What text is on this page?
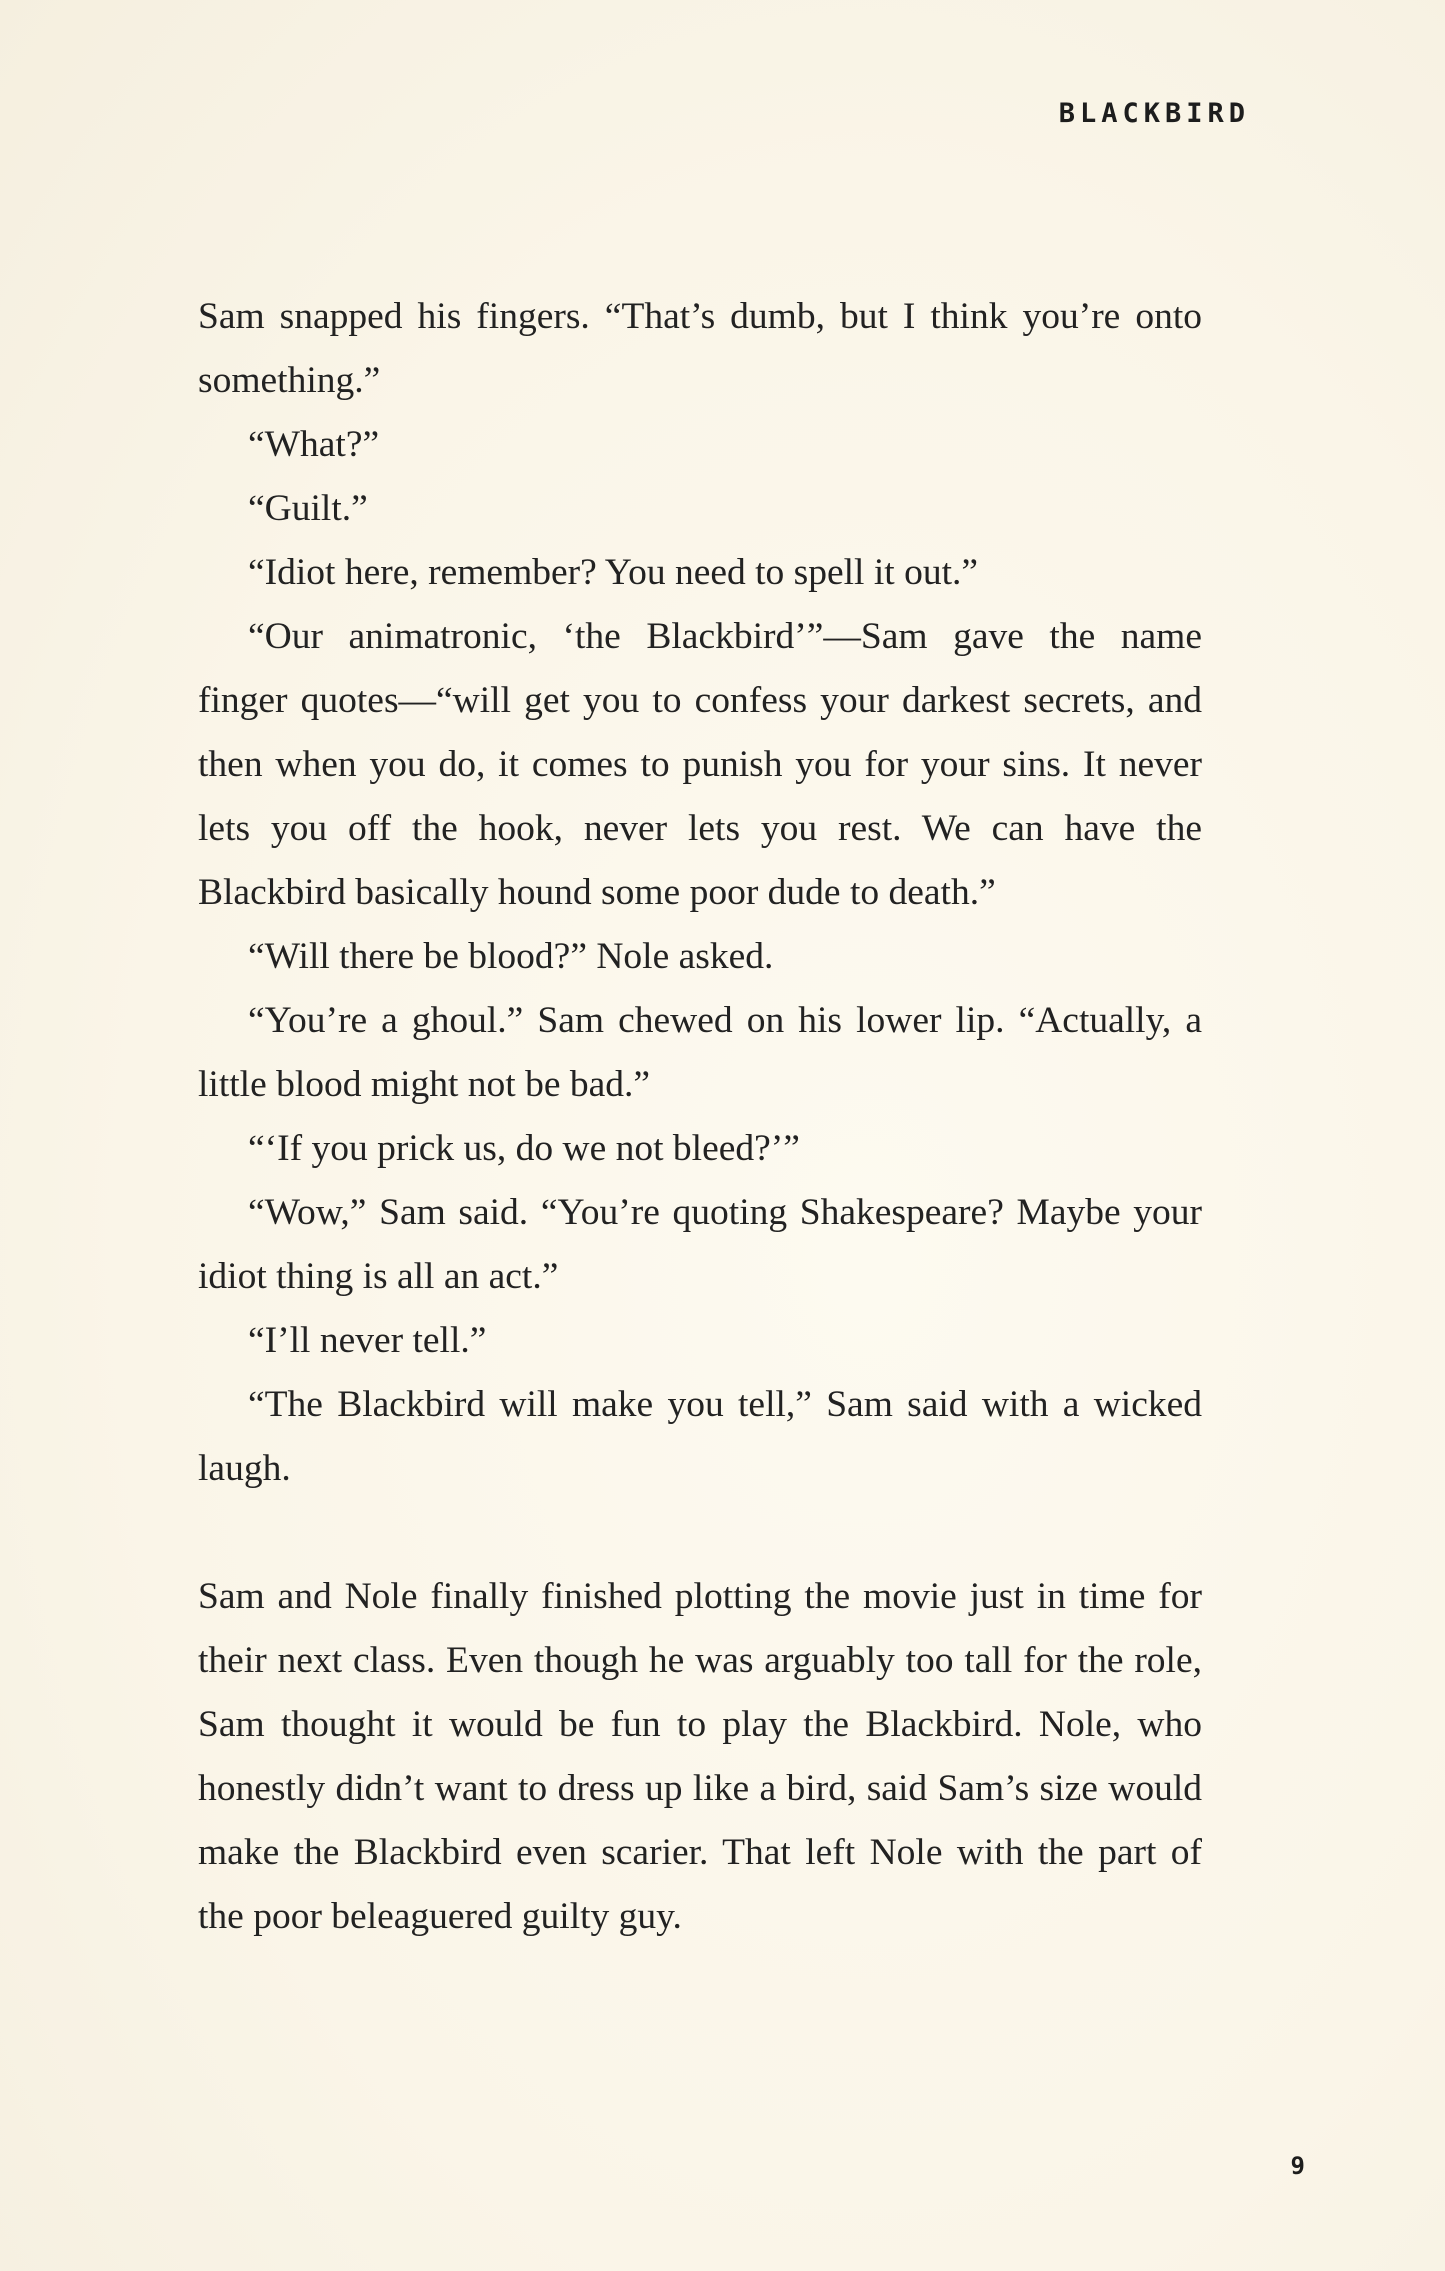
BLACKBIRD

Sam snapped his fingers. “That’s dumb, but I think you’re onto something.”

“What?”

“Guilt.”

“Idiot here, remember? You need to spell it out.”

“Our animatronic, ‘the Blackbird’”—Sam gave the name finger quotes—“will get you to confess your darkest secrets, and then when you do, it comes to punish you for your sins. It never lets you off the hook, never lets you rest. We can have the Blackbird basically hound some poor dude to death.”

“Will there be blood?” Nole asked.

“You’re a ghoul.” Sam chewed on his lower lip. “Actually, a little blood might not be bad.”

“‘If you prick us, do we not bleed?’”

“Wow,” Sam said. “You’re quoting Shakespeare? Maybe your idiot thing is all an act.”

“I’ll never tell.”

“The Blackbird will make you tell,” Sam said with a wicked laugh.

Sam and Nole finally finished plotting the movie just in time for their next class. Even though he was arguably too tall for the role, Sam thought it would be fun to play the Blackbird. Nole, who honestly didn’t want to dress up like a bird, said Sam’s size would make the Blackbird even scarier. That left Nole with the part of the poor beleaguered guilty guy.

9
